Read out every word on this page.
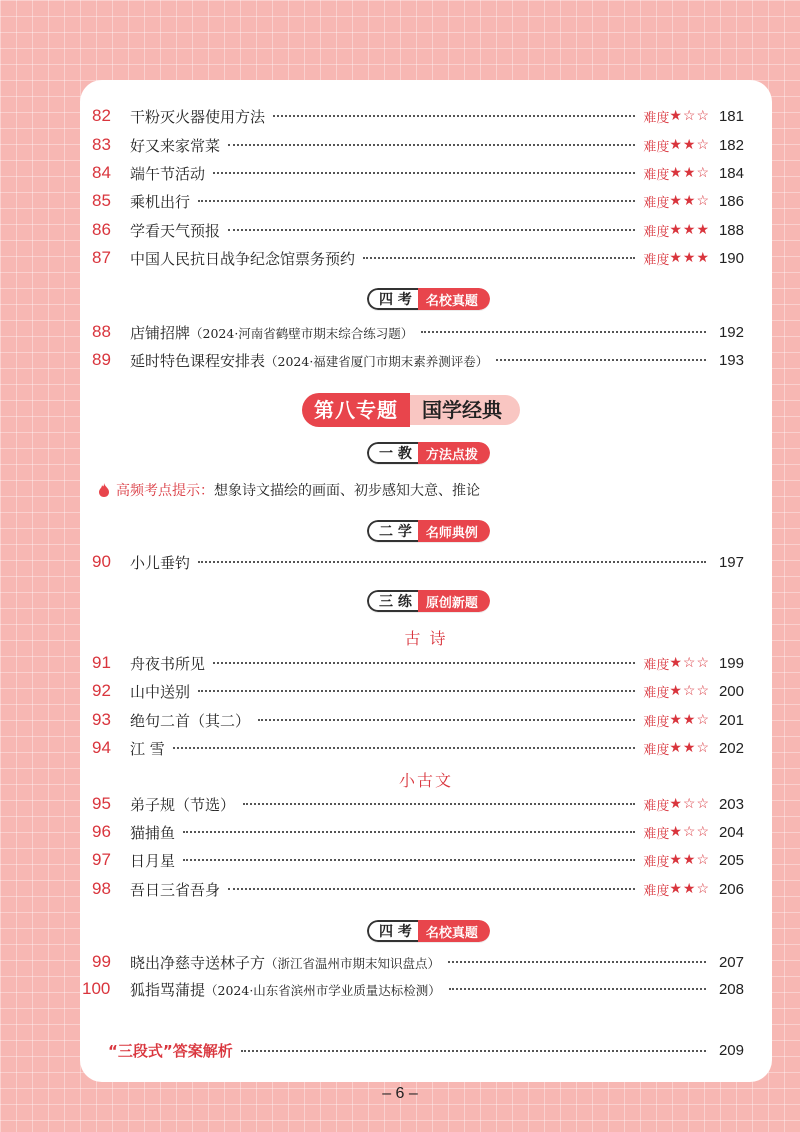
82	干粉灭火器使用方法	难度 ★☆☆ 181
83	好又来家常菜	难度 ★★☆ 182
84	端午节活动	难度 ★★☆ 184
85	乘机出行	难度 ★★☆ 186
86	学看天气预报	难度 ★★★ 188
87	中国人民抗日战争纪念馆票务预约	难度 ★★★ 190
四 考	名校真题
88	店铺招牌（2024·河南省鹤壁市期末综合练习题）	192
89	延时特色课程安排表（2024·福建省厦门市期末素养测评卷）	193
第八专题	国学经典
一 教	方法点拨
高频考点提示： 想象诗文描绘的画面、初步感知大意、推论
二 学	名师典例
90	小儿垂钓	197
三 练	原创新题
古 诗
91	舟夜书所见	难度 ★☆☆ 199
92	山中送别	难度 ★☆☆ 200
93	绝句二首（其二）	难度 ★★☆ 201
94	江 雪	难度 ★★☆ 202
小古文
95	弟子规（节选）	难度 ★☆☆ 203
96	猫捕鱼	难度 ★☆☆ 204
97	日月星	难度 ★★☆ 205
98	吾日三省吾身	难度 ★★☆ 206
四 考	名校真题
99	晓出净慈寺送林子方（浙江省温州市期末知识盘点）	207
100	狐指骂蒲提（2024·山东省滨州市学业质量达标检测）	208
“三段式”答案解析	209
– 6 –
